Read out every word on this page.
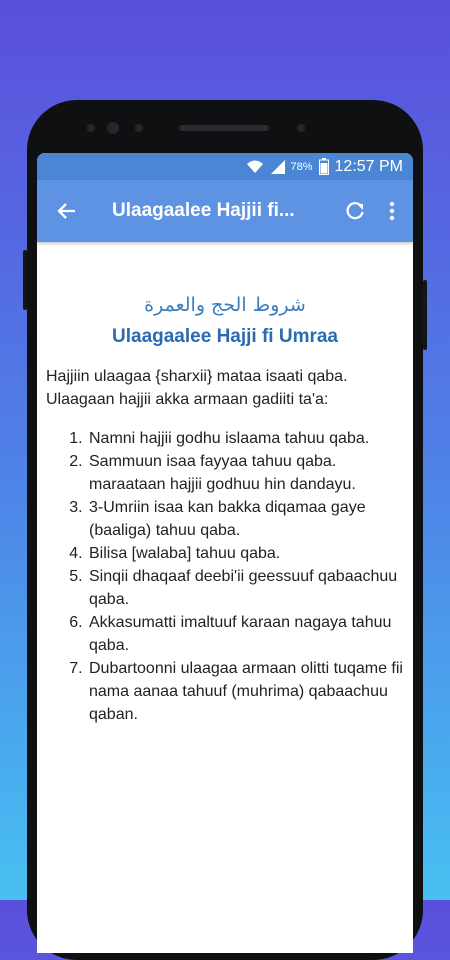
78% 12:57 PM
Ulaagaalee Hajjii fi...
شروط الحج والعمرة
Ulaagaalee Hajji fi Umraa
Hajjiin ulaagaa {sharxii} mataa isaati qaba. Ulaagaan hajjii akka armaan gadiiti ta'a:
1. Namni hajjii godhu islaama tahuu qaba.
2. Sammuun isaa fayyaa tahuu qaba. maraataan hajjii godhuu hin dandayu.
3. 3-Umriin isaa kan bakka diqamaa gaye (baaliga) tahuu qaba.
4. Bilisa [walaba] tahuu qaba.
5. Sinqii dhaqaaf deebi'ii geessuuf qabaachuu qaba.
6. Akkasumatti imaltuuf karaan nagaya tahuu qaba.
7. Dubartoonni ulaagaa armaan olitti tuqame fii nama aanaa tahuuf (muhrima) qabaachuu qaban.
